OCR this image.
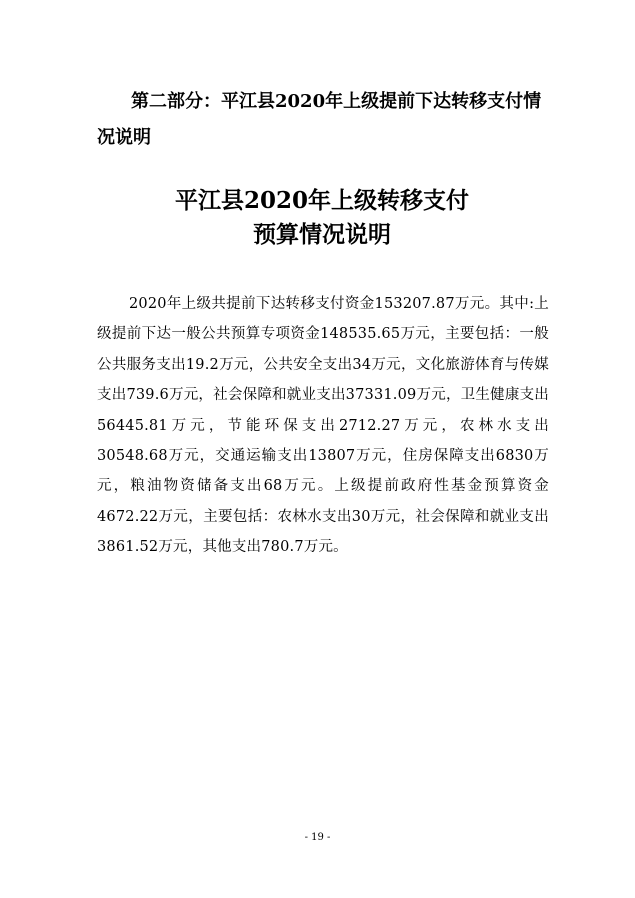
第二部分：平江县2020年上级提前下达转移支付情况说明
平江县2020年上级转移支付
预算情况说明
2020年上级共提前下达转移支付资金153207.87万元。其中:上级提前下达一般公共预算专项资金148535.65万元，主要包括：一般公共服务支出19.2万元，公共安全支出34万元，文化旅游体育与传媒支出739.6万元，社会保障和就业支出37331.09万元，卫生健康支出56445.81万元，节能环保支出2712.27万元，农林水支出30548.68万元，交通运输支出13807万元，住房保障支出6830万元，粮油物资储备支出68万元。上级提前政府性基金预算资金4672.22万元，主要包括：农林水支出30万元，社会保障和就业支出3861.52万元，其他支出780.7万元。
- 19 -
